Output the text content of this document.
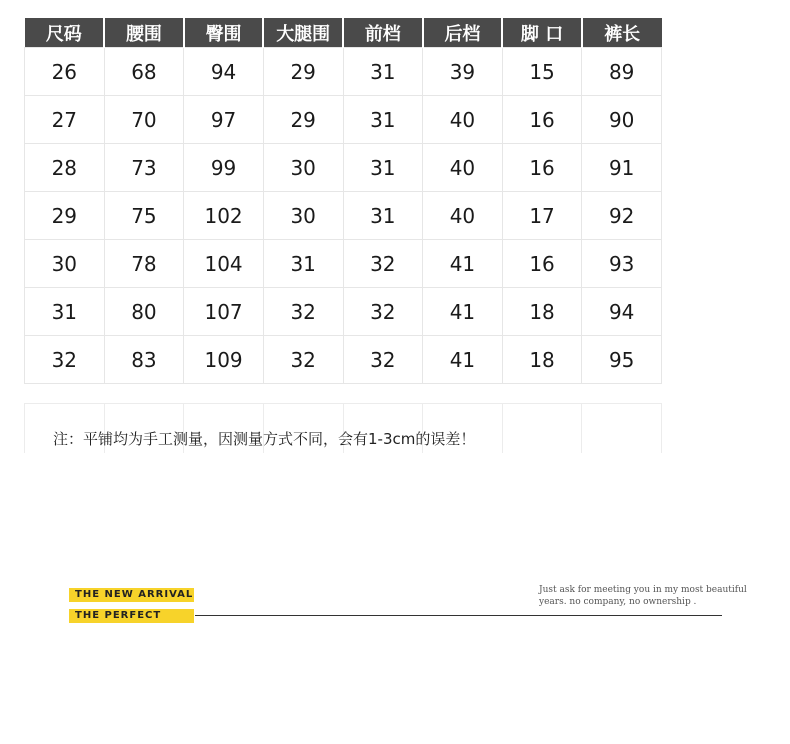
尺码	腰围	臀围	大腿围	前档	后档	脚 口	裤长
26	68	94	29	31	39	15	89
27	70	97	29	31	40	16	90
28	73	99	30	31	40	16	91
29	75	102	30	31	40	17	92
30	78	104	31	32	41	16	93
31	80	107	32	32	41	18	94
32	83	109	32	32	41	18	95

注：平铺均为手工测量，因测量方式不同，会有1-3cm的误差！
THE NEW ARRIVAL
THE PERFECT
Just ask for meeting you in my most beautiful
years. no company, no ownership .
